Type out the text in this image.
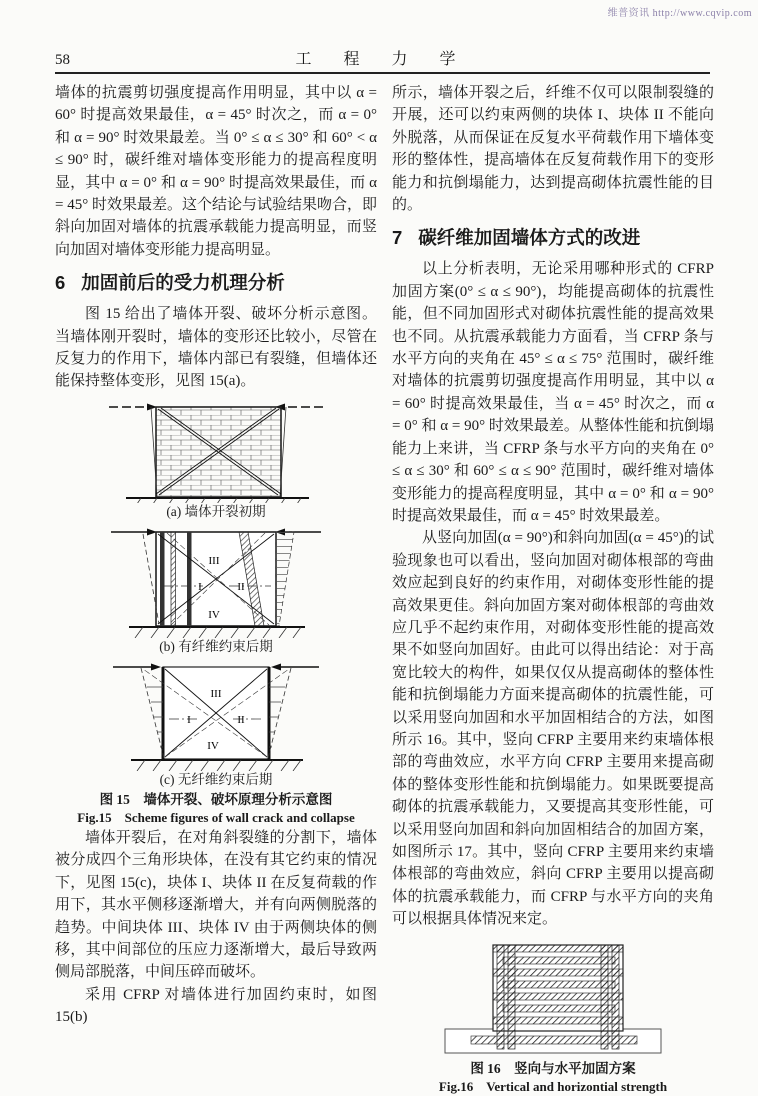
维普资讯 http://www.cqvip.com
58	工 程 力 学

墙体的抗震剪切强度提高作用明显，其中以 α = 60° 时提高效果最佳，α = 45° 时次之，而 α = 0° 和 α = 90° 时效果最差。当 0° ≤ α ≤ 30° 和 60° < α ≤ 90° 时，碳纤维对墙体变形能力的提高程度明显，其中 α = 0° 和 α = 90° 时提高效果最佳，而 α = 45° 时效果最差。这个结论与试验结果吻合，即斜向加固对墙体的抗震承载能力提高明显，而竖向加固对墙体变形能力提高明显。

6 加固前后的受力机理分析

图 15 给出了墙体开裂、破坏分析示意图。当墙体刚开裂时，墙体的变形还比较小，尽管在反复力的作用下，墙体内部已有裂缝，但墙体还能保持整体变形，见图 15(a)。

(a) 墙体开裂初期
III
I	II
IV
(b) 有纤维约束后期
III
I	II
IV
(c) 无纤维约束后期
图 15　墙体开裂、破坏原理分析示意图
Fig.15　Scheme figures of wall crack and collapse

墙体开裂后，在对角斜裂缝的分割下，墙体被分成四个三角形块体，在没有其它约束的情况下，见图 15(c)，块体 I、块体 II 在反复荷载的作用下，其水平侧移逐渐增大，并有向两侧脱落的趋势。中间块体 III、块体 IV 由于两侧块体的侧移，其中间部位的压应力逐渐增大，最后导致两侧局部脱落，中间压碎而破坏。

采用 CFRP 对墙体进行加固约束时，如图 15(b)

所示，墙体开裂之后，纤维不仅可以限制裂缝的开展，还可以约束两侧的块体 I、块体 II 不能向外脱落，从而保证在反复水平荷载作用下墙体变形的整体性，提高墙体在反复荷载作用下的变形能力和抗倒塌能力，达到提高砌体抗震性能的目的。

7 碳纤维加固墙体方式的改进

以上分析表明，无论采用哪种形式的 CFRP 加固方案(0° ≤ α ≤ 90°)，均能提高砌体的抗震性能，但不同加固形式对砌体抗震性能的提高效果也不同。从抗震承载能力方面看，当 CFRP 条与水平方向的夹角在 45° ≤ α ≤ 75° 范围时，碳纤维对墙体的抗震剪切强度提高作用明显，其中以 α = 60° 时提高效果最佳，当 α = 45° 时次之，而 α = 0° 和 α = 90° 时效果最差。从整体性能和抗倒塌能力上来讲，当 CFRP 条与水平方向的夹角在 0° ≤ α ≤ 30° 和 60° ≤ α ≤ 90° 范围时，碳纤维对墙体变形能力的提高程度明显，其中 α = 0° 和 α = 90° 时提高效果最佳，而 α = 45° 时效果最差。

从竖向加固(α = 90°)和斜向加固(α = 45°)的试验现象也可以看出，竖向加固对砌体根部的弯曲效应起到良好的约束作用，对砌体变形性能的提高效果更佳。斜向加固方案对砌体根部的弯曲效应几乎不起约束作用，对砌体变形性能的提高效果不如竖向加固好。由此可以得出结论：对于高宽比较大的构件，如果仅仅从提高砌体的整体性能和抗倒塌能力方面来提高砌体的抗震性能，可以采用竖向加固和水平加固相结合的方法，如图所示 16。其中，竖向 CFRP 主要用来约束墙体根部的弯曲效应，水平方向 CFRP 主要用来提高砌体的整体变形性能和抗倒塌能力。如果既要提高砌体的抗震承载能力，又要提高其变形性能，可以采用竖向加固和斜向加固相结合的加固方案，如图所示 17。其中，竖向 CFRP 主要用来约束墙体根部的弯曲效应，斜向 CFRP 主要用以提高砌体的抗震承载能力，而 CFRP 与水平方向的夹角可以根据具体情况来定。

图 16　竖向与水平加固方案
Fig.16　Vertical and horizontial strength
